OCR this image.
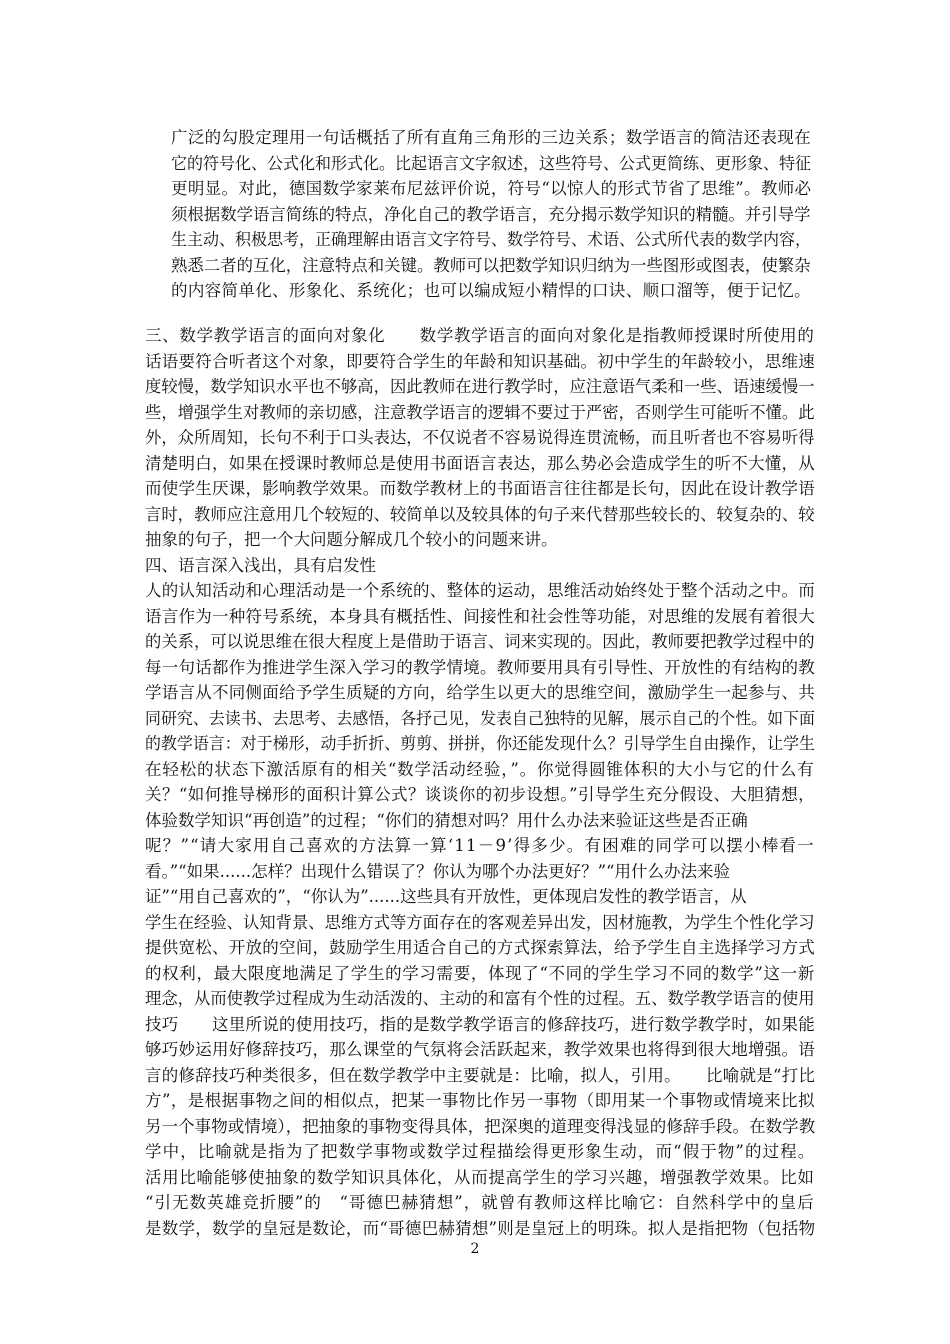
广泛的勾股定理用一句话概括了所有直角三角形的三边关系；数学语言的简洁还表现在
它的符号化、公式化和形式化。比起语言文字叙述，这些符号、公式更简练、更形象、特征
更明显。对此，德国数学家莱布尼兹评价说，符号“以惊人的形式节省了思维”。教师必
须根据数学语言简练的特点，净化自己的教学语言，充分揭示数学知识的精髓。并引导学
生主动、积极思考，正确理解由语言文字符号、数学符号、术语、公式所代表的数学内容，
熟悉二者的互化，注意特点和关键。教师可以把数学知识归纳为一些图形或图表，使繁杂
的内容简单化、形象化、系统化；也可以编成短小精悍的口诀、顺口溜等，便于记忆。
三、数学教学语言的面向对象化　　数学教学语言的面向对象化是指教师授课时所使用的
话语要符合听者这个对象，即要符合学生的年龄和知识基础。初中学生的年龄较小，思维速
度较慢，数学知识水平也不够高，因此教师在进行教学时，应注意语气柔和一些、语速缓慢一
些，增强学生对教师的亲切感，注意教学语言的逻辑不要过于严密，否则学生可能听不懂。此
外，众所周知，长句不利于口头表达，不仅说者不容易说得连贯流畅，而且听者也不容易听得
清楚明白，如果在授课时教师总是使用书面语言表达，那么势必会造成学生的听不大懂，从
而使学生厌课，影响教学效果。而数学教材上的书面语言往往都是长句，因此在设计教学语
言时，教师应注意用几个较短的、较简单以及较具体的句子来代替那些较长的、较复杂的、较
抽象的句子，把一个大问题分解成几个较小的问题来讲。
四、语言深入浅出，具有启发性
人的认知活动和心理活动是一个系统的、整体的运动，思维活动始终处于整个活动之中。而
语言作为一种符号系统，本身具有概括性、间接性和社会性等功能，对思维的发展有着很大
的关系，可以说思维在很大程度上是借助于语言、词来实现的。因此，教师要把教学过程中的
每一句话都作为推进学生深入学习的教学情境。教师要用具有引导性、开放性的有结构的教
学语言从不同侧面给予学生质疑的方向，给学生以更大的思维空间，激励学生一起参与、共
同研究、去读书、去思考、去感悟，各抒己见，发表自己独特的见解，展示自己的个性。如下面
的教学语言：对于梯形，动手折折、剪剪、拼拼，你还能发现什么？引导学生自由操作，让学生
在轻松的状态下激活原有的相关“数学活动经验，”。你觉得圆锥体积的大小与它的什么有
关？“如何推导梯形的面积计算公式？谈谈你的初步设想。”引导学生充分假设、大胆猜想，
体验数学知识“再创造”的过程；“你们的猜想对吗？用什么办法来验证这些是否正确
呢？”“请大家用自己喜欢的方法算一算‘11－9’得多少。有困难的同学可以摆小棒看一
看。”“如果......怎样？出现什么错误了？你认为哪个办法更好？”“用什么办法来验
证”“用自己喜欢的”，“你认为”......这些具有开放性，更体现启发性的教学语言，从
学生在经验、认知背景、思维方式等方面存在的客观差异出发，因材施教，为学生个性化学习
提供宽松、开放的空间，鼓励学生用适合自己的方式探索算法，给予学生自主选择学习方式
的权利，最大限度地满足了学生的学习需要，体现了“不同的学生学习不同的数学”这一新
理念，从而使教学过程成为生动活泼的、主动的和富有个性的过程。五、数学教学语言的使用
技巧　　这里所说的使用技巧，指的是数学教学语言的修辞技巧，进行数学教学时，如果能
够巧妙运用好修辞技巧，那么课堂的气氛将会活跃起来，教学效果也将得到很大地增强。语
言的修辞技巧种类很多，但在数学教学中主要就是：比喻，拟人，引用。　　比喻就是“打比
方”，是根据事物之间的相似点，把某一事物比作另一事物（即用某一个事物或情境来比拟
另一个事物或情境），把抽象的事物变得具体，把深奥的道理变得浅显的修辞手段。在数学教
学中，比喻就是指为了把数学事物或数学过程描绘得更形象生动，而“假于物”的过程。
活用比喻能够使抽象的数学知识具体化，从而提高学生的学习兴趣，增强教学效果。比如
“引无数英雄竞折腰”的　“哥德巴赫猜想”，就曾有教师这样比喻它：自然科学中的皇后
是数学，数学的皇冠是数论，而“哥德巴赫猜想”则是皇冠上的明珠。拟人是指把物（包括物
2
